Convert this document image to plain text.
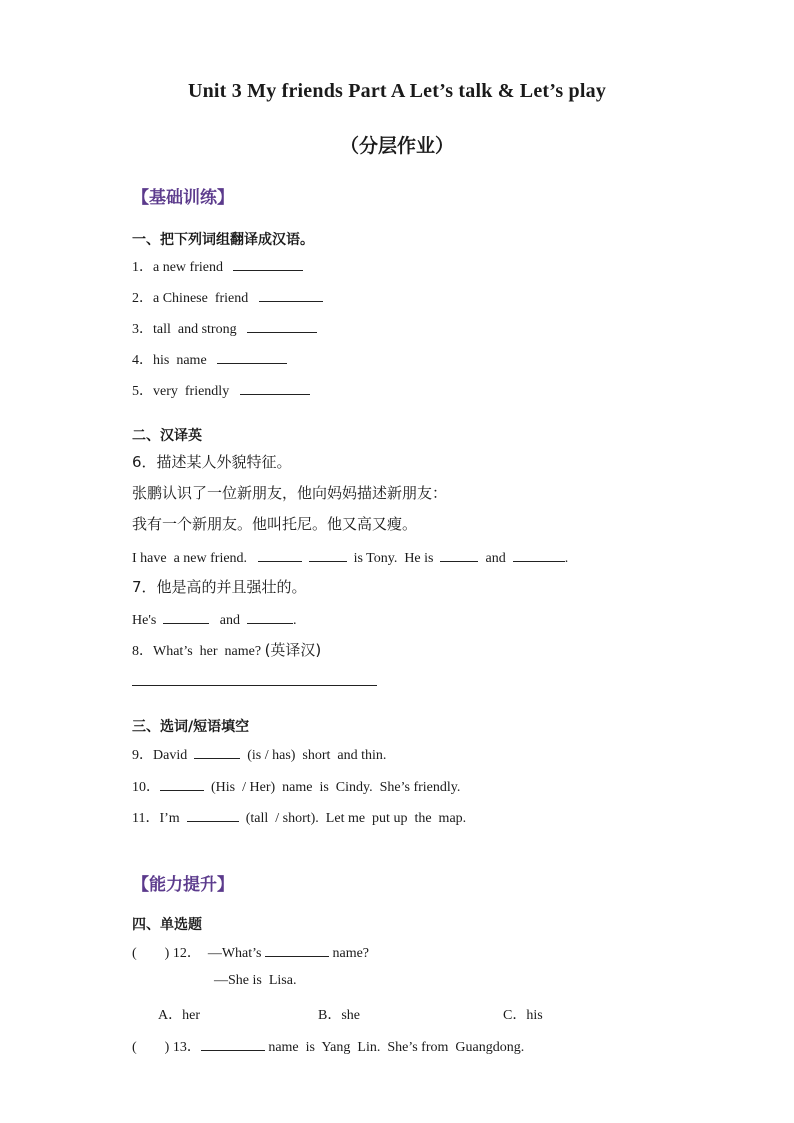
Unit 3 My friends Part A Let’s talk & Let’s play
（分层作业）
【基础训练】
一、把下列词组翻译成汉语。
1．a new friend
2．a Chinese  friend
3．tall  and strong
4．his  name
5．very  friendly
二、汉译英
6．描述某人外貌特征。
张鹏认识了一位新朋友，他向妈妈描述新朋友：
我有一个新朋友。他叫托尼。他又高又瘦。
I have  a new friend.	is Tony.  He is	and	.
7．他是高的并且强壮的。
He's	and	.
8．What’s  her  name? (英译汉)
三、选词/短语填空
9．David	(is / has)  short  and thin.
10．	(His  / Her)  name  is  Cindy.  She’s friendly.
11．I’m	(tall  / short).  Let me  put up  the  map.
【能力提升】
四、单选题
(        ) 12．  —What’s	name?
—She is  Lisa.
A．her	B．she	C．his
(        ) 13．	name  is  Yang  Lin.  She’s from  Guangdong.
